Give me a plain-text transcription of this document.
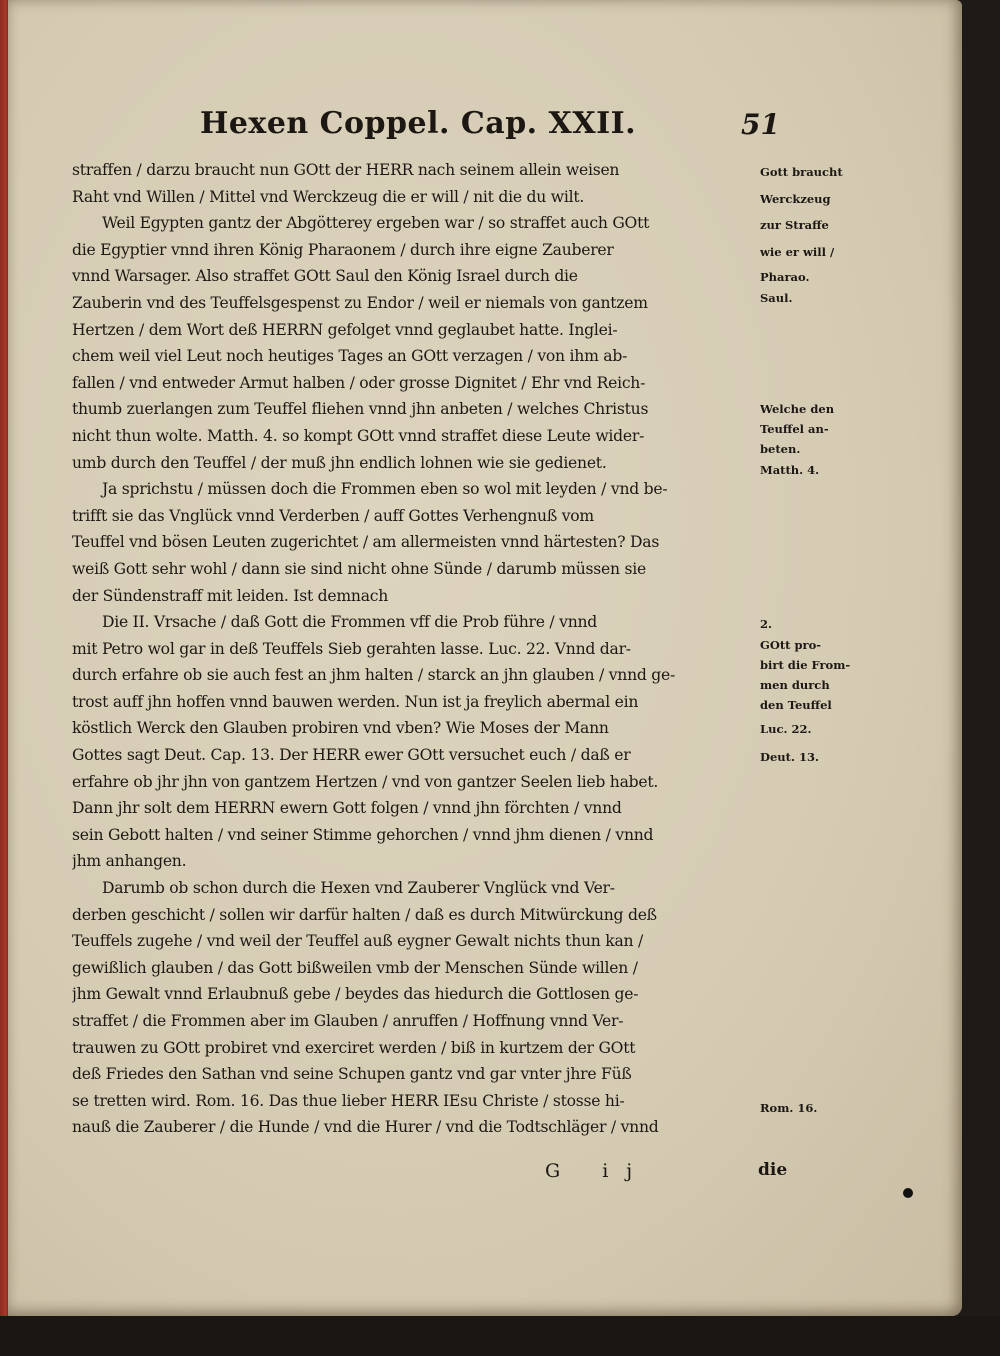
Hexen Coppel. Cap. XXII.	51
straffen / darzu braucht nun GOtt der HERR nach seinem allein weisen
Raht vnd Willen / Mittel vnd Werckzeug die er will / nit die du wilt.
Weil Egypten gantz der Abgötterey ergeben war / so straffet auch GOtt
die Egyptier vnnd ihren König Pharaonem / durch ihre eigne Zauberer
vnnd Warsager. Also straffet GOtt Saul den König Israel durch die
Zauberin vnd des Teuffelsgespenst zu Endor / weil er niemals von gantzem
Hertzen / dem Wort deß HERRN gefolget vnnd geglaubet hatte. Inglei-
chem weil viel Leut noch heutiges Tages an GOtt verzagen / von ihm ab-
fallen / vnd entweder Armut halben / oder grosse Dignitet / Ehr vnd Reich-
thumb zuerlangen zum Teuffel fliehen vnnd jhn anbeten / welches Christus
nicht thun wolte. Matth. 4. so kompt GOtt vnnd straffet diese Leute wider-
umb durch den Teuffel / der muß jhn endlich lohnen wie sie gedienet.
Ja sprichstu / müssen doch die Frommen eben so wol mit leyden / vnd be-
trifft sie das Vnglück vnnd Verderben / auff Gottes Verhengnuß vom
Teuffel vnd bösen Leuten zugerichtet / am allermeisten vnnd härtesten? Das
weiß Gott sehr wohl / dann sie sind nicht ohne Sünde / darumb müssen sie
der Sündenstraff mit leiden. Ist demnach
Die II. Vrsache / daß Gott die Frommen vff die Prob führe / vnnd
mit Petro wol gar in deß Teuffels Sieb gerahten lasse. Luc. 22. Vnnd dar-
durch erfahre ob sie auch fest an jhm halten / starck an jhn glauben / vnnd ge-
trost auff jhn hoffen vnnd bauwen werden. Nun ist ja freylich abermal ein
köstlich Werck den Glauben probiren vnd vben? Wie Moses der Mann
Gottes sagt Deut. Cap. 13. Der HERR ewer GOtt versuchet euch / daß er
erfahre ob jhr jhn von gantzem Hertzen / vnd von gantzer Seelen lieb habet.
Dann jhr solt dem HERRN ewern Gott folgen / vnnd jhn förchten / vnnd
sein Gebott halten / vnd seiner Stimme gehorchen / vnnd jhm dienen / vnnd
jhm anhangen.
Darumb ob schon durch die Hexen vnd Zauberer Vnglück vnd Ver-
derben geschicht / sollen wir darfür halten / daß es durch Mitwürckung deß
Teuffels zugehe / vnd weil der Teuffel auß eygner Gewalt nichts thun kan /
gewißlich glauben / das Gott bißweilen vmb der Menschen Sünde willen /
jhm Gewalt vnnd Erlaubnuß gebe / beydes das hiedurch die Gottlosen ge-
straffet / die Frommen aber im Glauben / anruffen / Hoffnung vnnd Ver-
trauwen zu GOtt probiret vnd exerciret werden / biß in kurtzem der GOtt
deß Friedes den Sathan vnd seine Schupen gantz vnd gar vnter jhre Füß
se tretten wird. Rom. 16. Das thue lieber HERR IEsu Christe / stosse hi-
nauß die Zauberer / die Hunde / vnd die Hurer / vnd die Todtschläger / vnnd
Gott braucht
Werckzeug
zur Straffe
wie er will /
Pharao.
Saul.
Welche den
Teuffel an-
beten.
Matth. 4.
2.
GOtt pro-
birt die From-
men durch
den Teuffel
Luc. 22.
Deut. 13.
Rom. 16.
G ij	die
